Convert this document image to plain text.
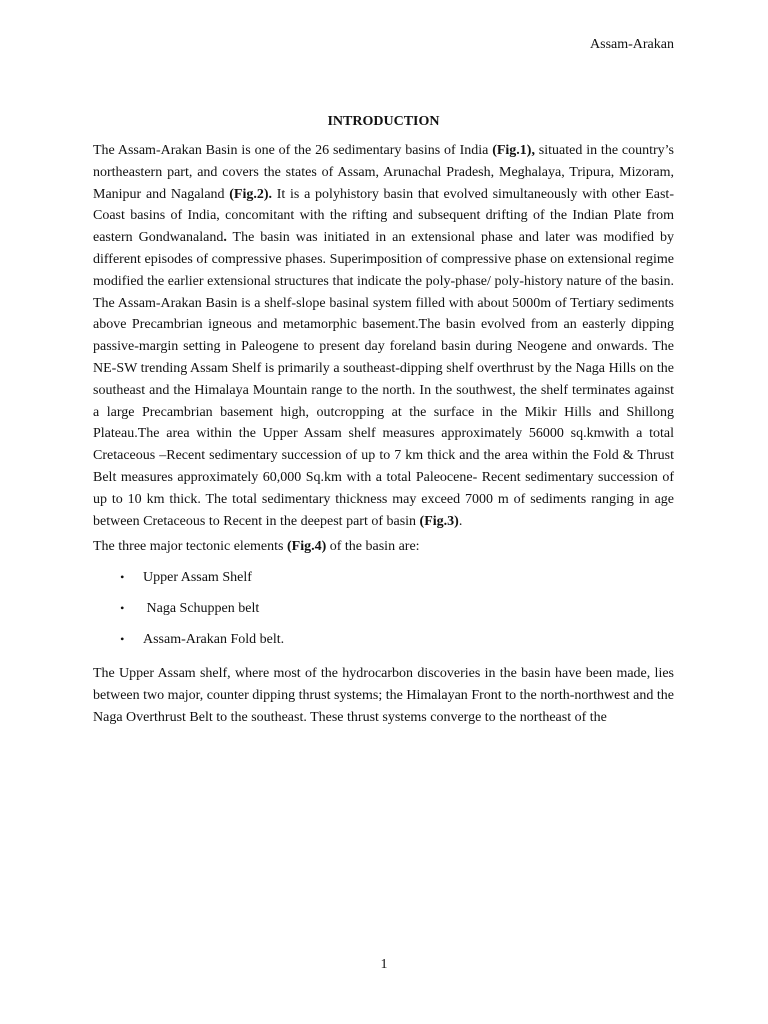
Assam-Arakan
INTRODUCTION

The Assam-Arakan Basin is one of the 26 sedimentary basins of India (Fig.1), situated in the country’s northeastern part, and covers the states of Assam, Arunachal Pradesh, Meghalaya, Tripura, Mizoram, Manipur and Nagaland (Fig.2). It is a polyhistory basin that evolved simultaneously with other East-Coast basins of India, concomitant with the rifting and subsequent drifting of the Indian Plate from eastern Gondwanaland. The basin was initiated in an extensional phase and later was modified by different episodes of compressive phases. Superimposition of compressive phase on extensional regime modified the earlier extensional structures that indicate the poly-phase/ poly-history nature of the basin. The Assam-Arakan Basin is a shelf-slope basinal system filled with about 5000m of Tertiary sediments above Precambrian igneous and metamorphic basement.The basin evolved from an easterly dipping passive-margin setting in Paleogene to present day foreland basin during Neogene and onwards. The NE-SW trending Assam Shelf is primarily a southeast-dipping shelf overthrust by the Naga Hills on the southeast and the Himalaya Mountain range to the north. In the southwest, the shelf terminates against a large Precambrian basement high, outcropping at the surface in the Mikir Hills and Shillong Plateau.The area within the Upper Assam shelf measures approximately 56000 sq.kmwith a total Cretaceous –Recent sedimentary succession of up to 7 km thick and the area within the Fold & Thrust Belt measures approximately 60,000 Sq.km with a total Paleocene- Recent sedimentary succession of up to 10 km thick. The total sedimentary thickness may exceed 7000 m of sediments ranging in age between Cretaceous to Recent in the deepest part of basin (Fig.3).

The three major tectonic elements (Fig.4) of the basin are:

• Upper Assam Shelf
• Naga Schuppen belt
• Assam-Arakan Fold belt.

The Upper Assam shelf, where most of the hydrocarbon discoveries in the basin have been made, lies between two major, counter dipping thrust systems; the Himalayan Front to the north-northwest and the Naga Overthrust Belt to the southeast. These thrust systems converge to the northeast of the

1
